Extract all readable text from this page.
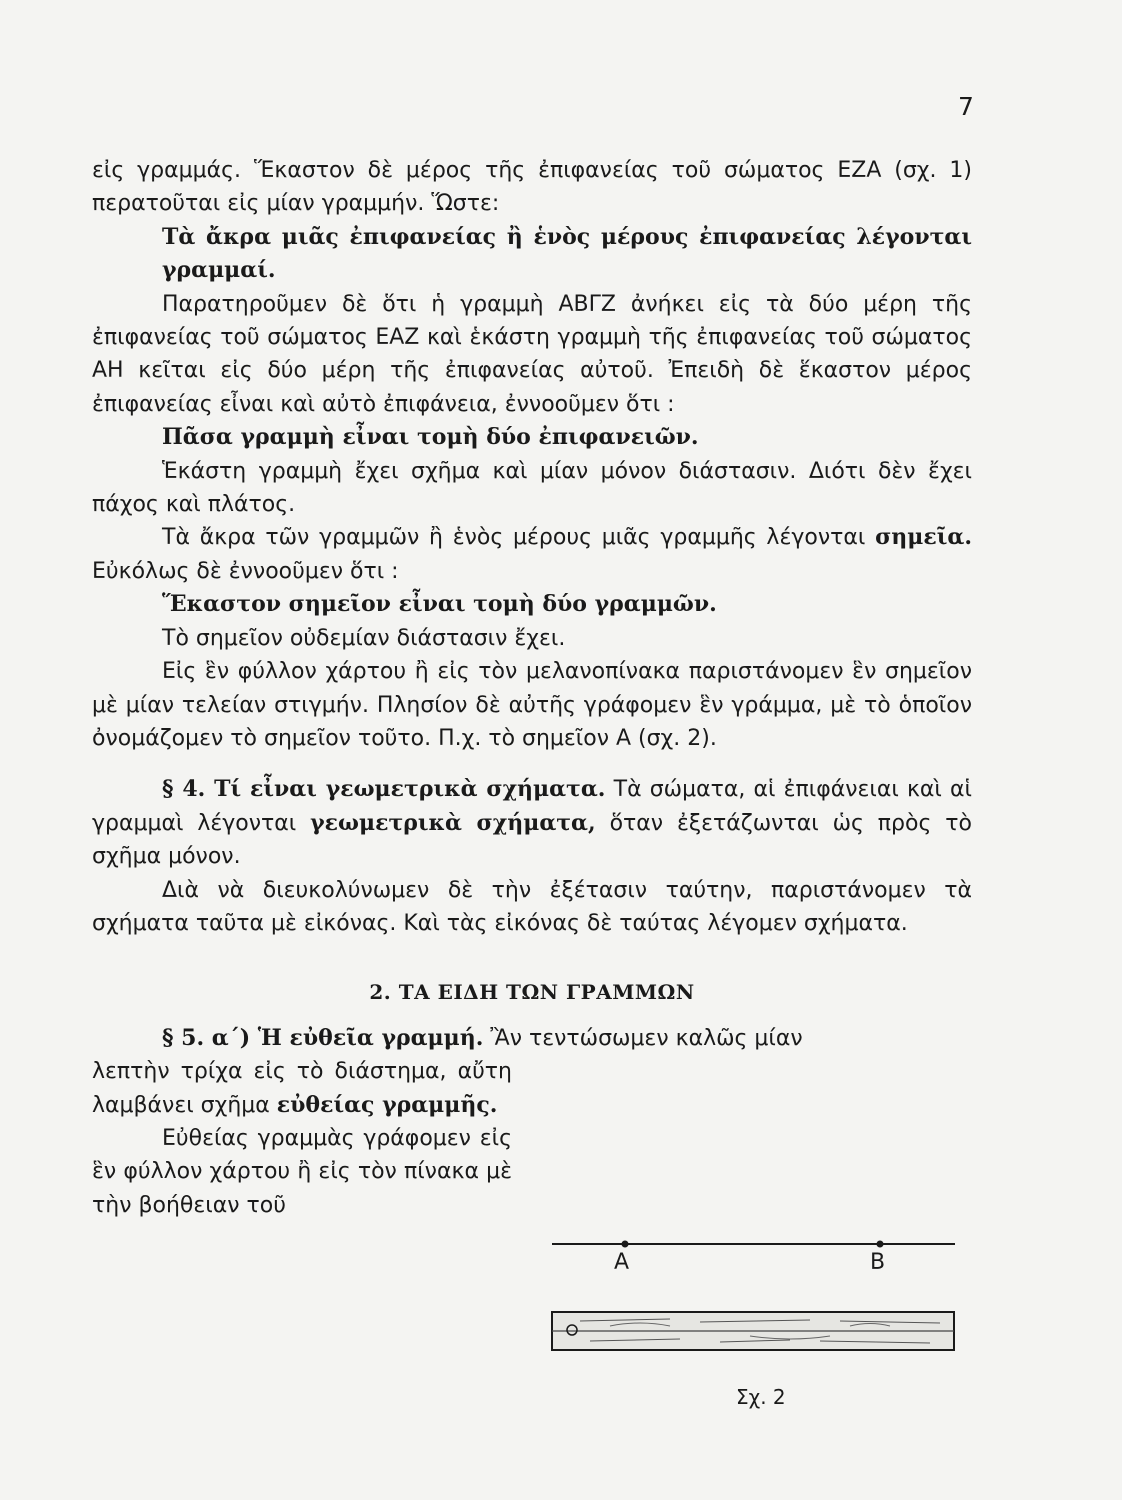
7

εἰς γραμμάς. Ἕκαστον δὲ μέρος τῆς ἐπιφανείας τοῦ σώματος ΕΖΑ (σχ. 1) περατοῦται εἰς μίαν γραμμήν. Ὥστε:

Τὰ ἄκρα μιᾶς ἐπιφανείας ἢ ἑνὸς μέρους ἐπιφανείας λέγονται γραμμαί.

Παρατηροῦμεν δὲ ὅτι ἡ γραμμὴ ΑΒΓΖ ἀνήκει εἰς τὰ δύο μέρη τῆς ἐπιφανείας τοῦ σώματος ΕΑΖ καὶ ἑκάστη γραμμὴ τῆς ἐπιφανείας τοῦ σώματος ΑΗ κεῖται εἰς δύο μέρη τῆς ἐπιφανείας αὐτοῦ. Ἐπειδὴ δὲ ἕκαστον μέρος ἐπιφανείας εἶναι καὶ αὐτὸ ἐπιφάνεια, ἐννοοῦμεν ὅτι :

Πᾶσα γραμμὴ εἶναι τομὴ δύο ἐπιφανειῶν.

Ἑκάστη γραμμὴ ἔχει σχῆμα καὶ μίαν μόνον διάστασιν. Διότι δὲν ἔχει πάχος καὶ πλάτος.

Τὰ ἄκρα τῶν γραμμῶν ἢ ἑνὸς μέρους μιᾶς γραμμῆς λέγονται σημεῖα. Εὐκόλως δὲ ἐννοοῦμεν ὅτι :

Ἕκαστον σημεῖον εἶναι τομὴ δύο γραμμῶν.

Τὸ σημεῖον οὐδεμίαν διάστασιν ἔχει.

Εἰς ἓν φύλλον χάρτου ἢ εἰς τὸν μελανοπίνακα παριστάνομεν ἓν σημεῖον μὲ μίαν τελείαν στιγμήν. Πλησίον δὲ αὐτῆς γράφομεν ἓν γράμμα, μὲ τὸ ὁποῖον ὀνομάζομεν τὸ σημεῖον τοῦτο. Π.χ. τὸ σημεῖον Α (σχ. 2).

§ 4. Τί εἶναι γεωμετρικὰ σχήματα. Τὰ σώματα, αἱ ἐπιφάνειαι καὶ αἱ γραμμαὶ λέγονται γεωμετρικὰ σχήματα, ὅταν ἐξετάζωνται ὡς πρὸς τὸ σχῆμα μόνον.

Διὰ νὰ διευκολύνωμεν δὲ τὴν ἐξέτασιν ταύτην, παριστάνομεν τὰ σχήματα ταῦτα μὲ εἰκόνας. Καὶ τὰς εἰκόνας δὲ ταύτας λέγομεν σχήματα.

2. ΤΑ ΕΙΔΗ ΤΩΝ ΓΡΑΜΜΩΝ

§ 5. α΄) Ἡ εὐθεῖα γραμμή. Ἂν τεντώσωμεν καλῶς μίαν

λεπτὴν τρίχα εἰς τὸ διάστημα, αὔτη λαμβάνει σχῆμα εὐθείας γραμμῆς.

Εὐθείας γραμμὰς γράφομεν εἰς ἓν φύλλον χάρτου ἢ εἰς τὸν πίνακα μὲ τὴν βοήθειαν τοῦ

Α	Β
Σχ. 2
